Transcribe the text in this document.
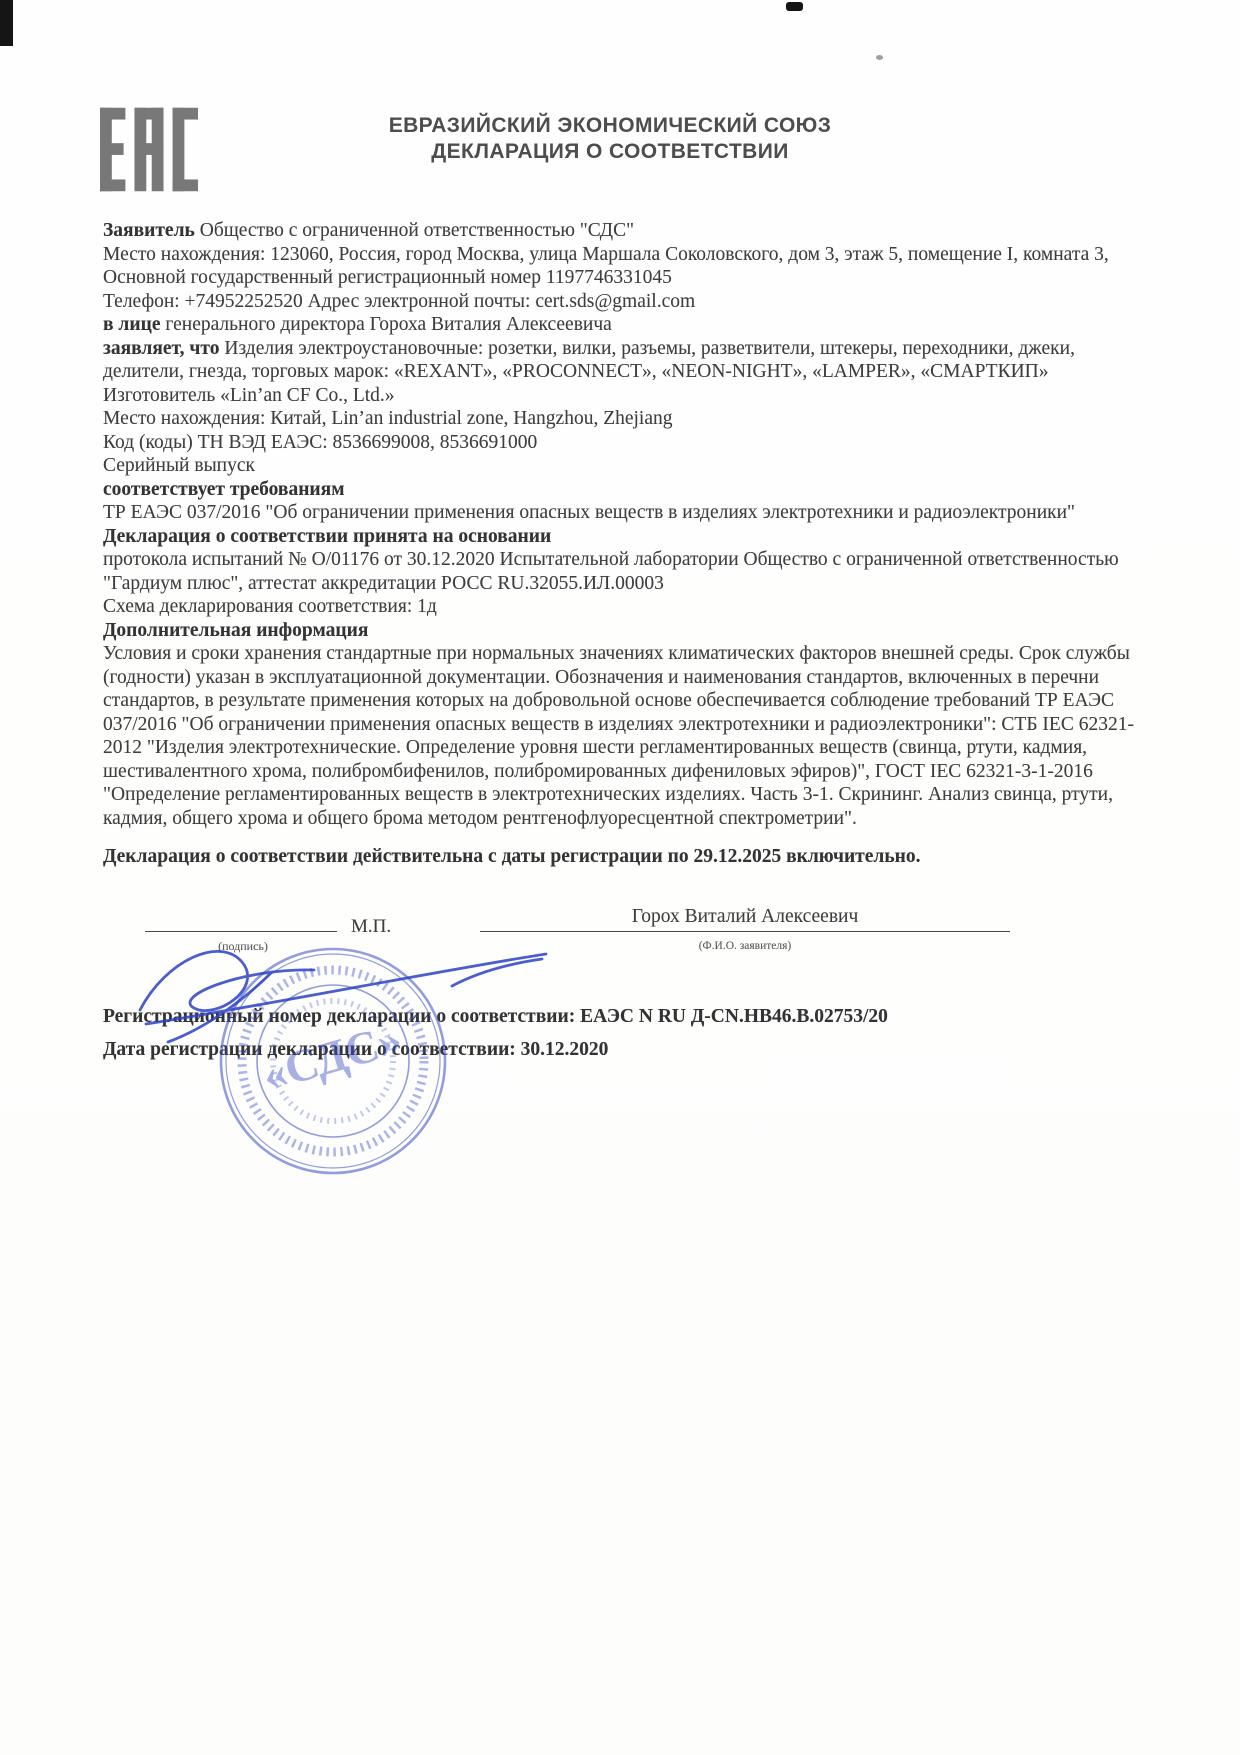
ЕВРАЗИЙСКИЙ ЭКОНОМИЧЕСКИЙ СОЮЗ
ДЕКЛАРАЦИЯ О СООТВЕТСТВИИ

Заявитель Общество с ограниченной ответственностью "СДС"

Место нахождения: 123060, Россия, город Москва, улица Маршала Соколовского, дом 3, этаж 5, помещение I, комната 3, Основной государственный регистрационный номер 1197746331045

Телефон: +74952252520 Адрес электронной почты: cert.sds@gmail.com

в лице генерального директора Гороха Виталия Алексеевича

заявляет, что Изделия электроустановочные: розетки, вилки, разъемы, разветвители, штекеры, переходники, джеки, делители, гнезда, торговых марок: «REXANT», «PROCONNECT», «NEON-NIGHT», «LAMPER», «СМАРТКИП»

Изготовитель «Lin’an CF Co., Ltd.»

Место нахождения: Китай, Lin’an industrial zone, Hangzhou, Zhejiang

Код (коды) ТН ВЭД ЕАЭС: 8536699008, 8536691000

Серийный выпуск

соответствует требованиям

ТР ЕАЭС 037/2016 "Об ограничении применения опасных веществ в изделиях электротехники и радиоэлектроники"

Декларация о соответствии принята на основании

протокола испытаний № О/01176 от 30.12.2020 Испытательной лаборатории Общество с ограниченной ответственностью "Гардиум плюс", аттестат аккредитации РОСС RU.32055.ИЛ.00003

Схема декларирования соответствия: 1д

Дополнительная информация

Условия и сроки хранения стандартные при нормальных значениях климатических факторов внешней среды. Срок службы (годности) указан в эксплуатационной документации. Обозначения и наименования стандартов, включенных в перечни стандартов, в результате применения которых на добровольной основе обеспечивается соблюдение требований ТР ЕАЭС 037/2016 "Об ограничении применения опасных веществ в изделиях электротехники и радиоэлектроники": СТБ IEC 62321-2012 "Изделия электротехнические. Определение уровня шести регламентированных веществ (свинца, ртути, кадмия, шестивалентного хрома, полибромбифенилов, полибромированных дифениловых эфиров)", ГОСТ IEC 62321-3-1-2016 "Определение регламентированных веществ в электротехнических изделиях. Часть 3-1. Скрининг. Анализ свинца, ртути, кадмия, общего хрома и общего брома методом рентгенофлуоресцентной спектрометрии".

Декларация о соответствии действительна с даты регистрации по 29.12.2025 включительно.

М.П.
(подпись)
Горох Виталий Алексеевич
(Ф.И.О. заявителя)

Регистрационный номер декларации о соответствии: ЕАЭС N RU Д-CN.НВ46.В.02753/20

Дата регистрации декларации о соответствии: 30.12.2020

«СДС»
